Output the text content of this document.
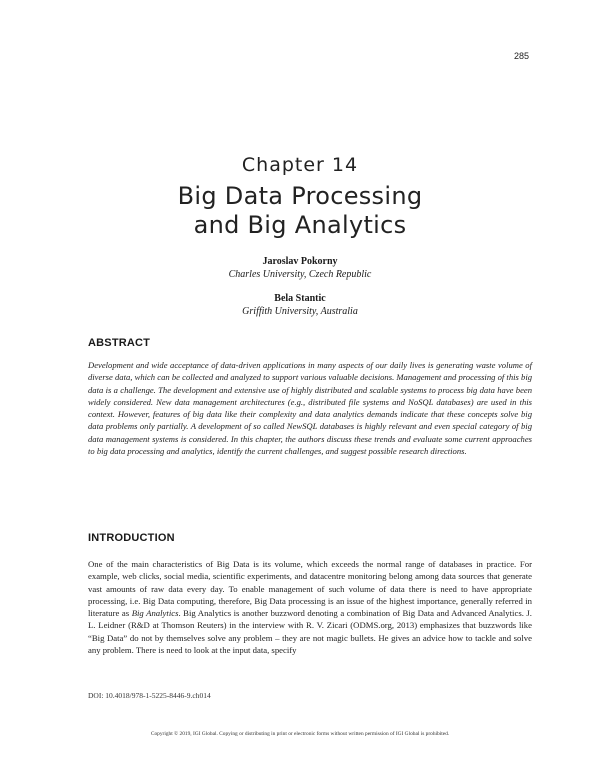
285
Chapter 14
Big Data Processing
and Big Analytics
Jaroslav Pokorny
Charles University, Czech Republic
Bela Stantic
Griffith University, Australia
ABSTRACT
Development and wide acceptance of data-driven applications in many aspects of our daily lives is generating waste volume of diverse data, which can be collected and analyzed to support various valuable decisions. Management and processing of this big data is a challenge. The development and extensive use of highly distributed and scalable systems to process big data have been widely considered. New data management architectures (e.g., distributed file systems and NoSQL databases) are used in this context. However, features of big data like their complexity and data analytics demands indicate that these concepts solve big data problems only partially. A development of so called NewSQL databases is highly relevant and even special category of big data management systems is considered. In this chapter, the authors discuss these trends and evaluate some current approaches to big data processing and analytics, identify the current challenges, and suggest possible research directions.
INTRODUCTION
One of the main characteristics of Big Data is its volume, which exceeds the normal range of databases in practice. For example, web clicks, social media, scientific experiments, and datacentre monitoring belong among data sources that generate vast amounts of raw data every day. To enable management of such volume of data there is need to have appropriate processing, i.e. Big Data computing, therefore, Big Data processing is an issue of the highest importance, generally referred in literature as Big Analytics. Big Analytics is another buzzword denoting a combination of Big Data and Advanced Analytics. J. L. Leidner (R&D at Thomson Reuters) in the interview with R. V. Zicari (ODMS.org, 2013) emphasizes that buzzwords like “Big Data” do not by themselves solve any problem – they are not magic bullets. He gives an advice how to tackle and solve any problem. There is need to look at the input data, specify
DOI: 10.4018/978-1-5225-8446-9.ch014
Copyright © 2019, IGI Global. Copying or distributing in print or electronic forms without written permission of IGI Global is prohibited.
